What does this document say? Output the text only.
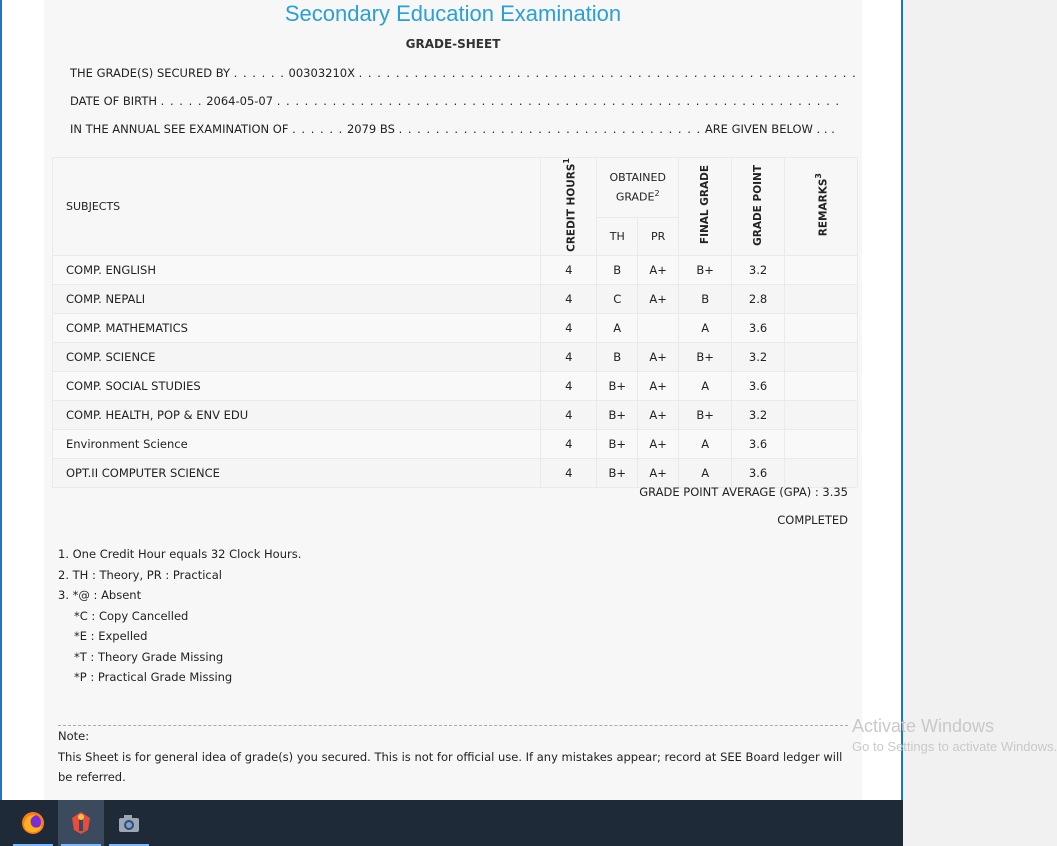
Secondary Education Examination
GRADE-SHEET
THE GRADE(S) SECURED BY . . . . . . 00303210X . . . . . . . . . . . . . . . . . . . . . . . . . . . . . . . . . . . . . . . . . . . . . . . . . . . . . .
DATE OF BIRTH . . . . . 2064-05-07 . . . . . . . . . . . . . . . . . . . . . . . . . . . . . . . . . . . . . . . . . . . . . . . . . . . . . . . . . . . . .
IN THE ANNUAL SEE EXAMINATION OF . . . . . . 2079 BS . . . . . . . . . . . . . . . . . . . . . . . . . . . . . . . . . ARE GIVEN BELOW . . .
SUBJECTS	CREDIT HOURS$^1$	OBTAINED GRADE$^2$		FINAL GRADE	GRADE POINT	REMARKS$^3$
		TH	PR			
COMP. ENGLISH	4	B	A+	B+	3.2	
COMP. NEPALI	4	C	A+	B	2.8	
COMP. MATHEMATICS	4	A		A	3.6	
COMP. SCIENCE	4	B	A+	B+	3.2	
COMP. SOCIAL STUDIES	4	B+	A+	A	3.6	
COMP. HEALTH, POP & ENV EDU	4	B+	A+	B+	3.2	
Environment Science	4	B+	A+	A	3.6	
OPT.II COMPUTER SCIENCE	4	B+	A+	A	3.6	
GRADE POINT AVERAGE (GPA) : 3.35
COMPLETED
1. One Credit Hour equals 32 Clock Hours.
2. TH : Theory, PR : Practical
3. *@ : Absent
*C : Copy Cancelled
*E : Expelled
*T : Theory Grade Missing
*P : Practical Grade Missing
Note:
This Sheet is for general idea of grade(s) you secured. This is not for official use. If any mistakes appear; record at SEE Board ledger will be referred.
Activate Windows
Go to Settings to activate Windows.
